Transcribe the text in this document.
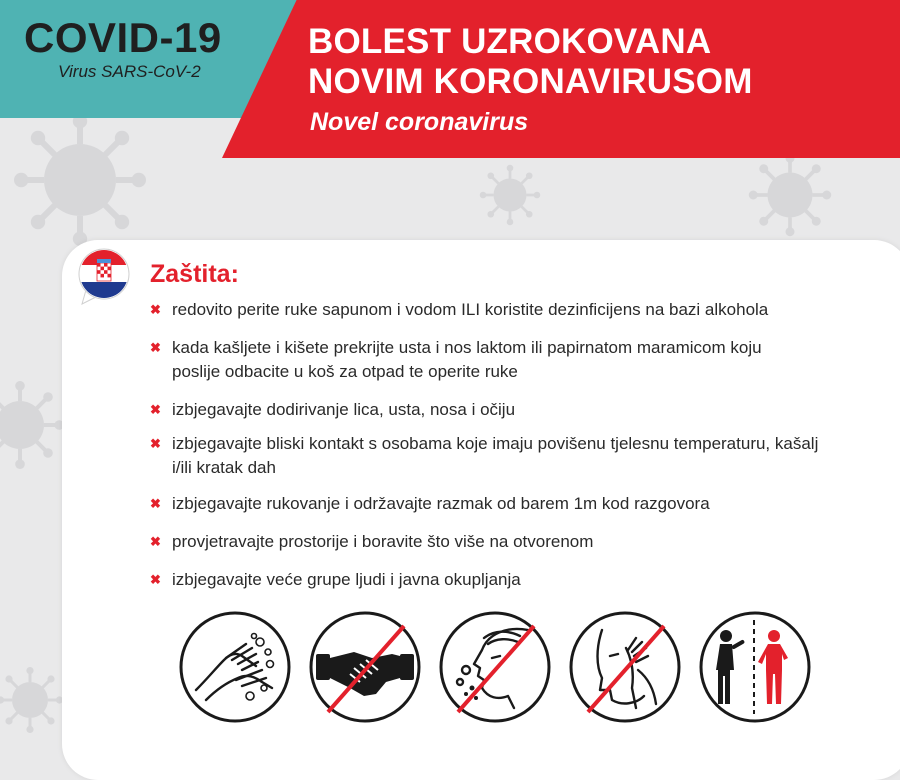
COVID-19

Virus SARS-CoV-2

BOLEST UZROKOVANA
NOVIM KORONAVIRUSOM

Novel coronavirus

Zaštita:
✖ redovito perite ruke sapunom i vodom ILI koristite dezinficijens na bazi alkohola
✖ kada kašljete i kišete prekrijte usta i nos laktom ili papirnatom maramicom koju poslije odbacite u koš za otpad te operite ruke
✖ izbjegavajte dodirivanje lica, usta, nosa i očiju
✖ izbjegavajte bliski kontakt s osobama koje imaju povišenu tjelesnu temperaturu, kašalj i/ili kratak dah
✖ izbjegavajte rukovanje i održavajte razmak od barem 1m kod razgovora
✖ provjetravajte prostorije i boravite što više na otvorenom
✖ izbjegavajte veće grupe ljudi i javna okupljanja
